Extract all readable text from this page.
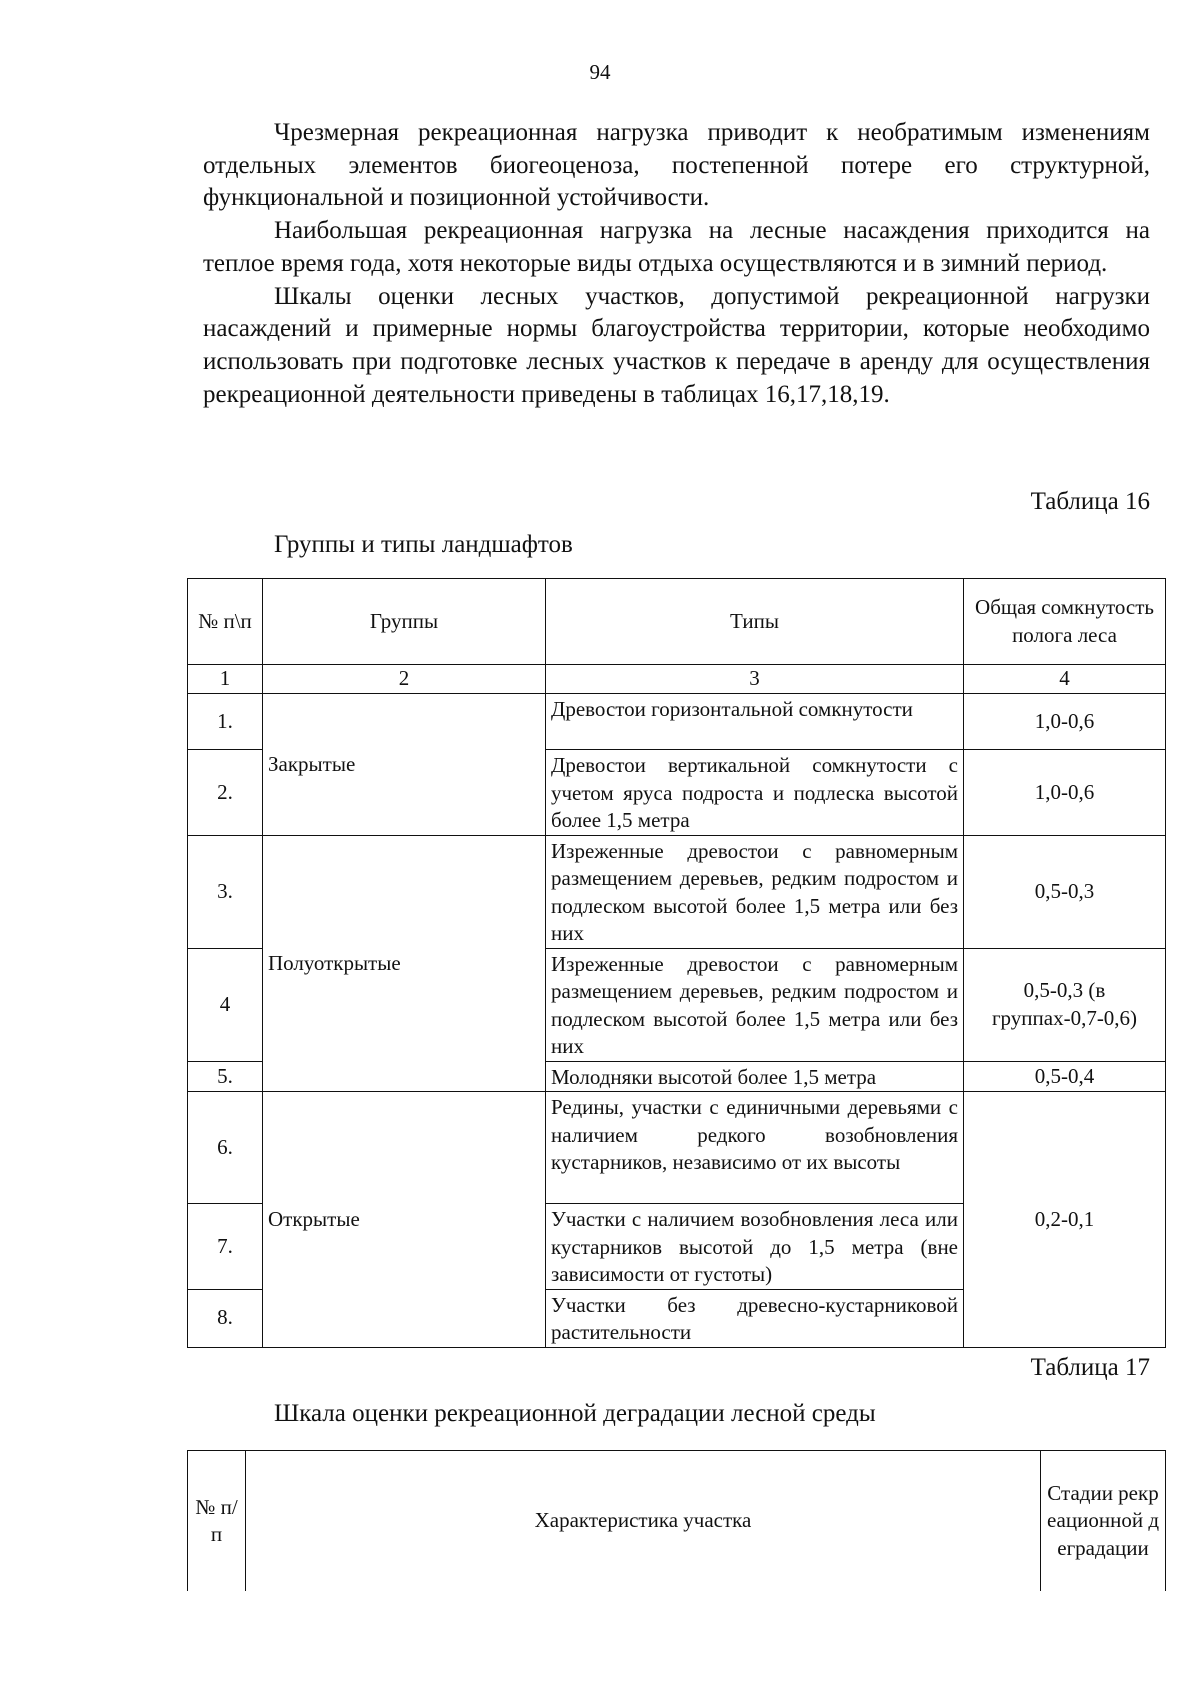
94

Чрезмерная рекреационная нагрузка приводит к необратимым изменениям отдельных элементов биогеоценоза, постепенной потере его структурной, функциональной и позиционной устойчивости.

Наибольшая рекреационная нагрузка на лесные насаждения приходится на теплое время года, хотя некоторые виды отдыха осуществляются и в зимний период.

Шкалы оценки лесных участков, допустимой рекреационной нагрузки насаждений и примерные нормы благоустройства территории, которые необходимо использовать при подготовке лесных участков к передаче в аренду для осуществления рекреационной деятельности приведены в таблицах 16,17,18,19.

Таблица 16
Группы и типы ландшафтов
№ п\п	Группы	Типы	Общая сомкнутость полога леса
1	2	3	4
1.	Закрытые	Древостои горизонтальной сомкнутости	1,0-0,6
2.		Древостои вертикальной сомкнутости с учетом яруса подроста и подлеска высотой более 1,5 метра	1,0-0,6
3.	Полуоткрытые	Изреженные древостои с равномерным размещением деревьев, редким подростом и подлеском высотой более 1,5 метра или без них	0,5-0,3
4		Изреженные древостои с равномерным размещением деревьев, редким подростом и подлеском высотой более 1,5 метра или без них	0,5-0,3 (в группах-0,7-0,6)
5.		Молодняки высотой более 1,5 метра	0,5-0,4
6.	Открытые	Редины, участки с единичными деревьями с наличием редкого возобновления кустарников, независимо от их высоты	0,2-0,1
7.		Участки с наличием возобновления леса или кустарников высотой до 1,5 метра (вне зависимости от густоты)	
8.		Участки без древесно-кустарниковой растительности	
Таблица 17
Шкала оценки рекреационной деградации лесной среды
№ п/п	Характеристика участка	Стадии рекреационной деградации
